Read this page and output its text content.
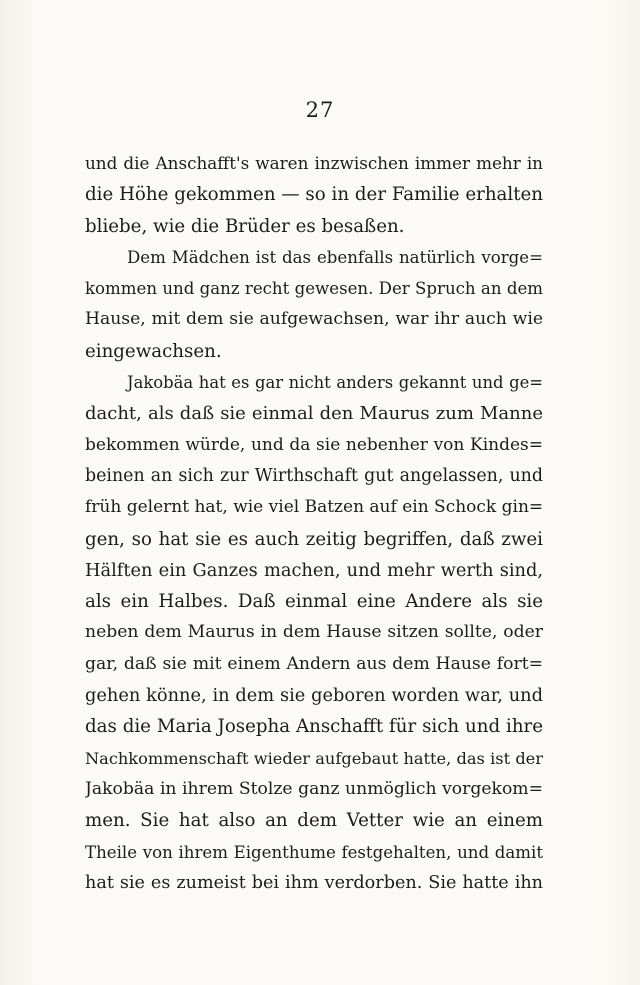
27
und die Anschafft's waren inzwischen immer mehr in
die Höhe gekommen — so in der Familie erhalten
bliebe, wie die Brüder es besaßen.
Dem Mädchen ist das ebenfalls natürlich vorge=
kommen und ganz recht gewesen. Der Spruch an dem
Hause, mit dem sie aufgewachsen, war ihr auch wie
eingewachsen.
Jakobäa hat es gar nicht anders gekannt und ge=
dacht, als daß sie einmal den Maurus zum Manne
bekommen würde, und da sie nebenher von Kindes=
beinen an sich zur Wirthschaft gut angelassen, und
früh gelernt hat, wie viel Batzen auf ein Schock gin=
gen, so hat sie es auch zeitig begriffen, daß zwei
Hälften ein Ganzes machen, und mehr werth sind,
als ein Halbes. Daß einmal eine Andere als sie
neben dem Maurus in dem Hause sitzen sollte, oder
gar, daß sie mit einem Andern aus dem Hause fort=
gehen könne, in dem sie geboren worden war, und
das die Maria Josepha Anschafft für sich und ihre
Nachkommenschaft wieder aufgebaut hatte, das ist der
Jakobäa in ihrem Stolze ganz unmöglich vorgekom=
men. Sie hat also an dem Vetter wie an einem
Theile von ihrem Eigenthume festgehalten, und damit
hat sie es zumeist bei ihm verdorben. Sie hatte ihn
